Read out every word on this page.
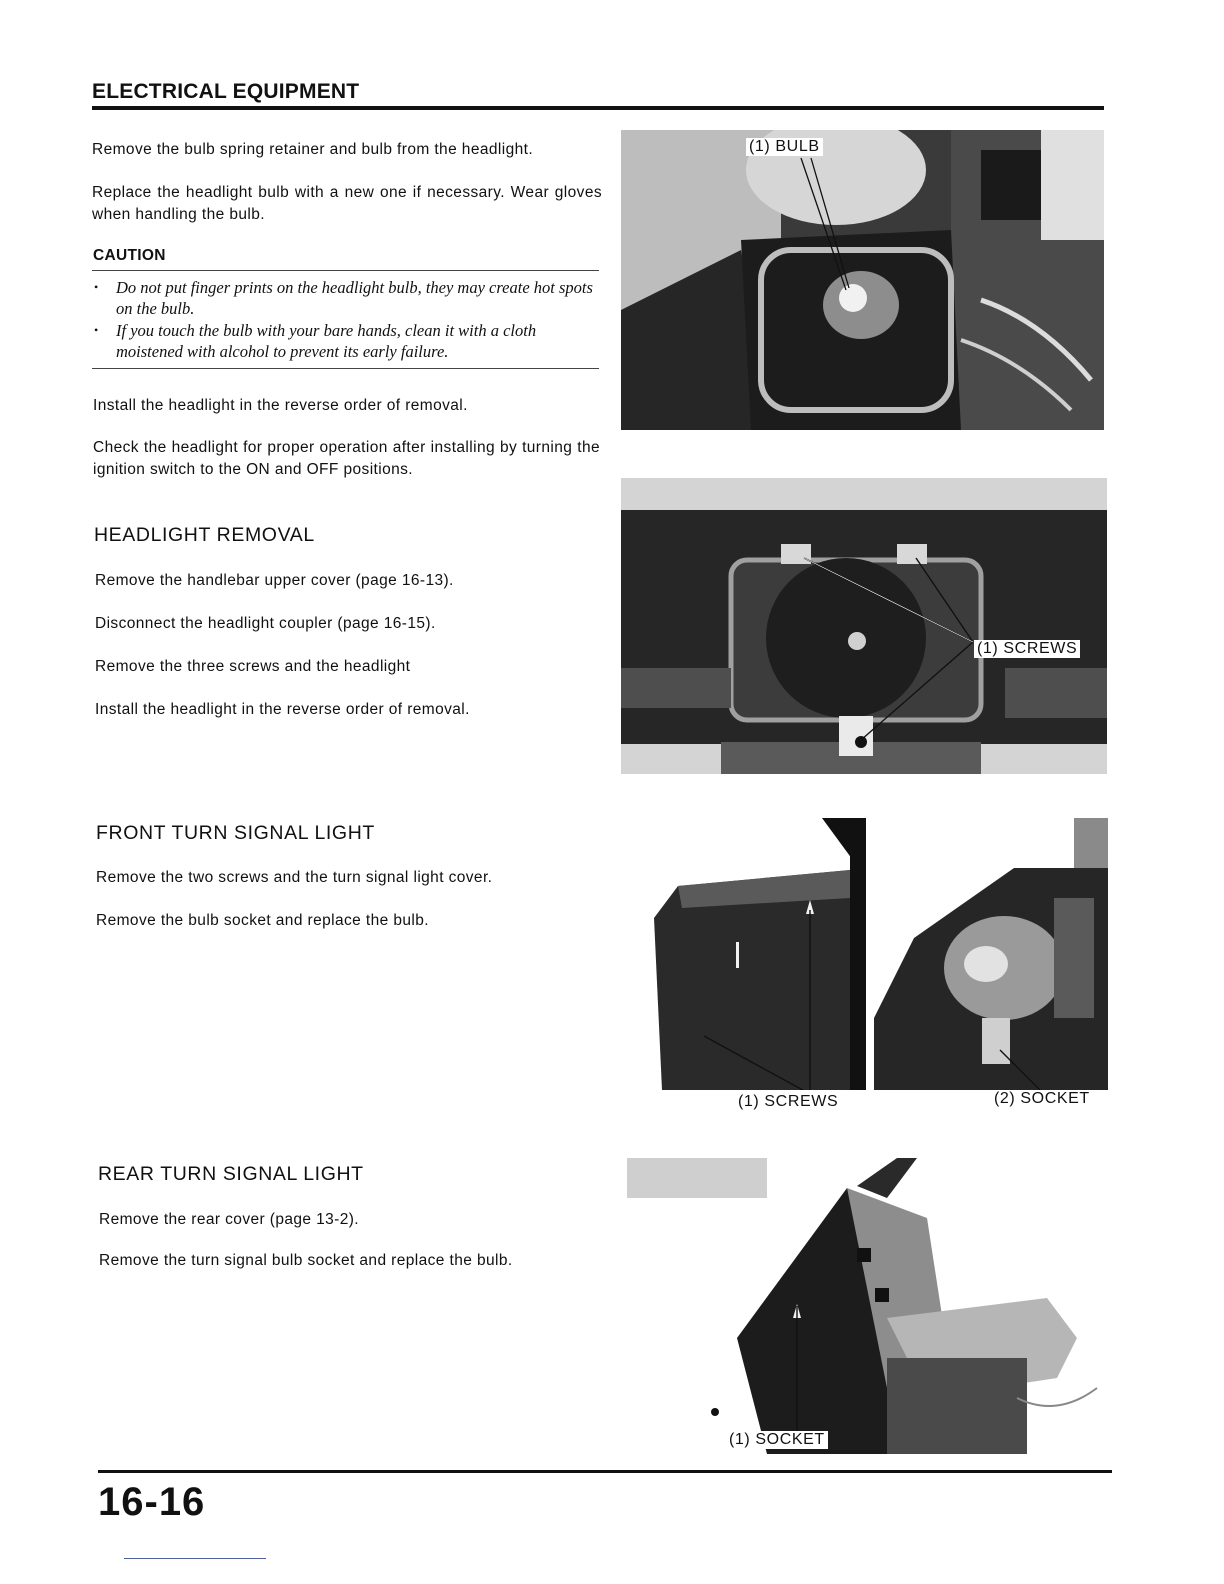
ELECTRICAL EQUIPMENT
Remove the bulb spring retainer and bulb from the headlight.
Replace the headlight bulb with a new one if necessary. Wear gloves when handling the bulb.
CAUTION
• Do not put finger prints on the headlight bulb, they may create hot spots on the bulb.
• If you touch the bulb with your bare hands, clean it with a cloth moistened with alcohol to prevent its early failure.
Install the headlight in the reverse order of removal.
Check the headlight for proper operation after installing by turning the ignition switch to the ON and OFF positions.
HEADLIGHT REMOVAL
Remove the handlebar upper cover (page 16-13).
Disconnect the headlight coupler (page 16-15).
Remove the three screws and the headlight
Install the headlight in the reverse order of removal.
FRONT TURN SIGNAL LIGHT
Remove the two screws and the turn signal light cover.
Remove the bulb socket and replace the bulb.
REAR TURN SIGNAL LIGHT
Remove the rear cover (page 13-2).
Remove the turn signal bulb socket and replace the bulb.
(1) BULB
(1) SCREWS
(1) SCREWS	(2) SOCKET
(1) SOCKET
16-16
